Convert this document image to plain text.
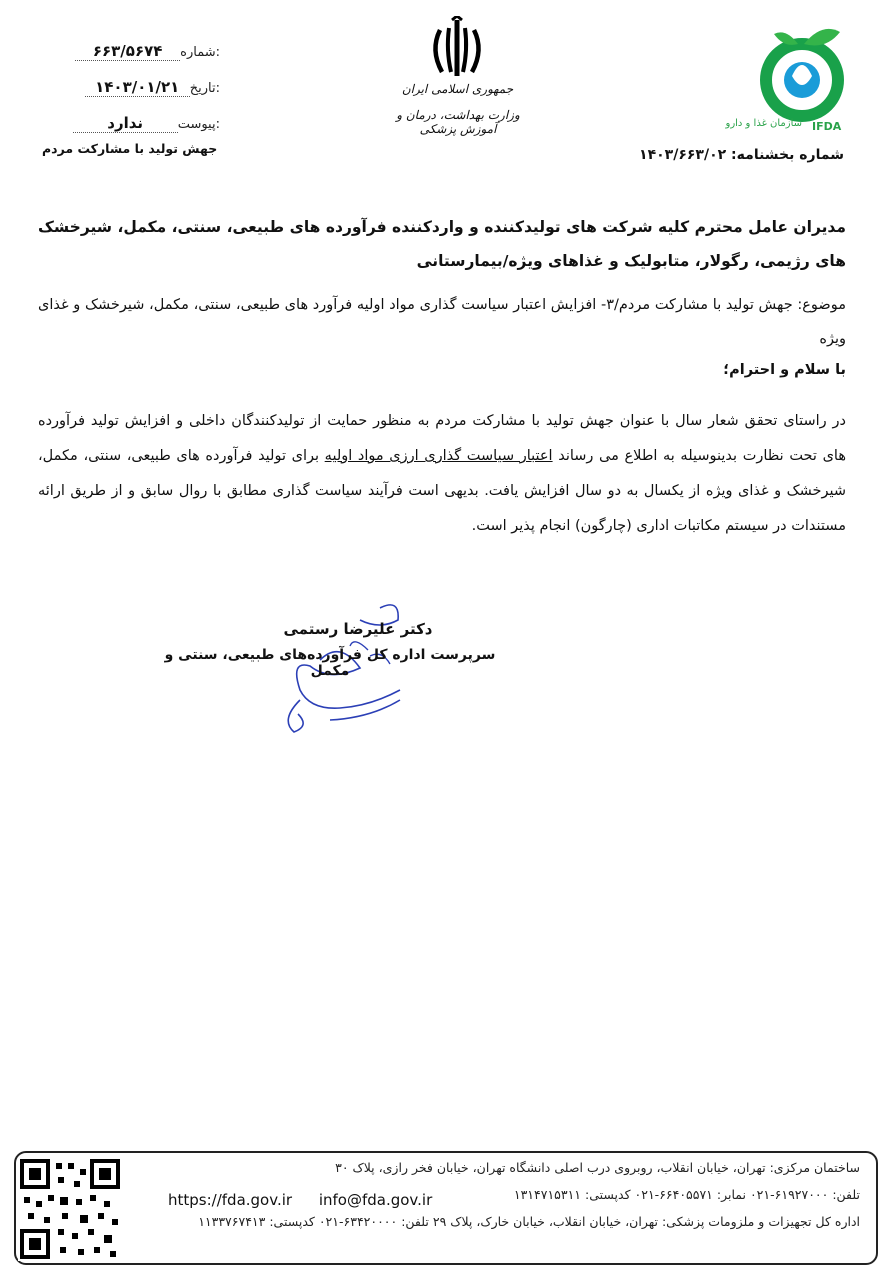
شماره:
۶۶۳/۵۶۷۴
تاریخ:
۱۴۰۳/۰۱/۲۱
پیوست:
ندارد
جهش تولید با مشارکت مردم
جمهوری اسلامی ایران
وزارت بهداشت، درمان و آموزش پزشکی	سازمان غذا و دارو IFDA
شماره بخشنامه: ۱۴۰۳/۶۶۳/۰۲
مدیران عامل محترم کلیه شرکت های تولیدکننده و واردکننده فرآورده های طبیعی، سنتی، مکمل، شیرخشک های رژیمی، رگولار، متابولیک و غذاهای ویژه/بیمارستانی
موضوع: جهش تولید با مشارکت مردم/۳- افزایش اعتبار سیاست گذاری مواد اولیه فرآورد های طبیعی، سنتی، مکمل، شیرخشک و غذای ویژه
با سلام و احترام؛
در راستای تحقق شعار سال با عنوان جهش تولید با مشارکت مردم به منظور حمایت از تولیدکنندگان داخلی و افزایش تولید فرآورده های تحت نظارت بدینوسیله به اطلاع می رساند اعتبار سیاست گذاری ارزی مواد اولیه برای تولید فرآورده های طبیعی، سنتی، مکمل، شیرخشک و غذای ویژه از یکسال به دو سال افزایش یافت. بدیهی است فرآیند سیاست گذاری مطابق با روال سابق و از طریق ارائه مستندات در سیستم مکاتبات اداری (چارگون) انجام پذیر است.
دکتر علیرضا رستمی
سرپرست اداره کل فرآورده‌های طبیعی، سنتی و مکمل
ساختمان مرکزی: تهران، خیابان انقلاب، روبروی درب اصلی دانشگاه تهران، خیابان فخر رازی، پلاک ۳۰
تلفن: ۶۱۹۲۷۰۰۰-۰۲۱ نمابر: ۶۶۴۰۵۵۷۱-۰۲۱ کدپستی: ۱۳۱۴۷۱۵۳۱۱
https://fda.gov.ir info@fda.gov.ir
اداره کل تجهیزات و ملزومات پزشکی: تهران، خیابان انقلاب، خیابان خارک، پلاک ۲۹ تلفن: ۶۳۴۲۰۰۰۰-۰۲۱ کدپستی: ۱۱۳۳۷۶۷۴۱۳
